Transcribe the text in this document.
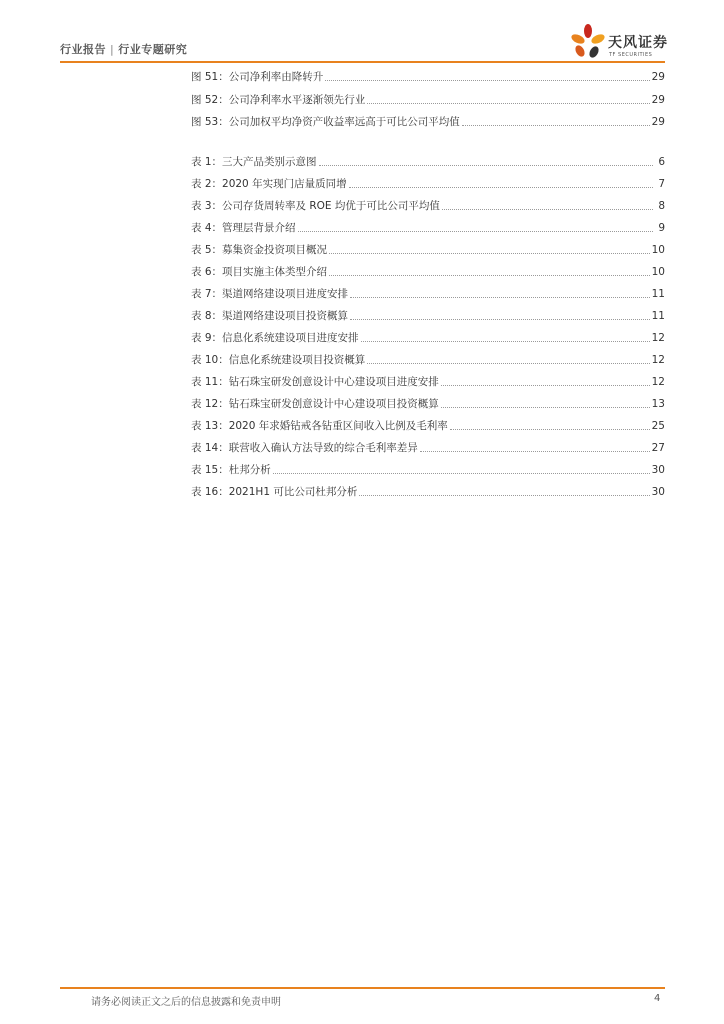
行业报告 | 行业专题研究	天风证券
TF SECURITIES
图 51：公司净利率由降转升	29
图 52：公司净利率水平逐渐领先行业	29
图 53：公司加权平均净资产收益率远高于可比公司平均值	29
表 1：三大产品类别示意图	6
表 2：2020 年实现门店量质同增	7
表 3：公司存货周转率及 ROE 均优于可比公司平均值	8
表 4：管理层背景介绍	9
表 5：募集资金投资项目概况	10
表 6：项目实施主体类型介绍	10
表 7：渠道网络建设项目进度安排	11
表 8：渠道网络建设项目投资概算	11
表 9：信息化系统建设项目进度安排	12
表 10：信息化系统建设项目投资概算	12
表 11：钻石珠宝研发创意设计中心建设项目进度安排	12
表 12：钻石珠宝研发创意设计中心建设项目投资概算	13
表 13：2020 年求婚钻戒各钻重区间收入比例及毛利率	25
表 14：联营收入确认方法导致的综合毛利率差异	27
表 15：杜邦分析	30
表 16：2021H1 可比公司杜邦分析	30
请务必阅读正文之后的信息披露和免责申明	4
